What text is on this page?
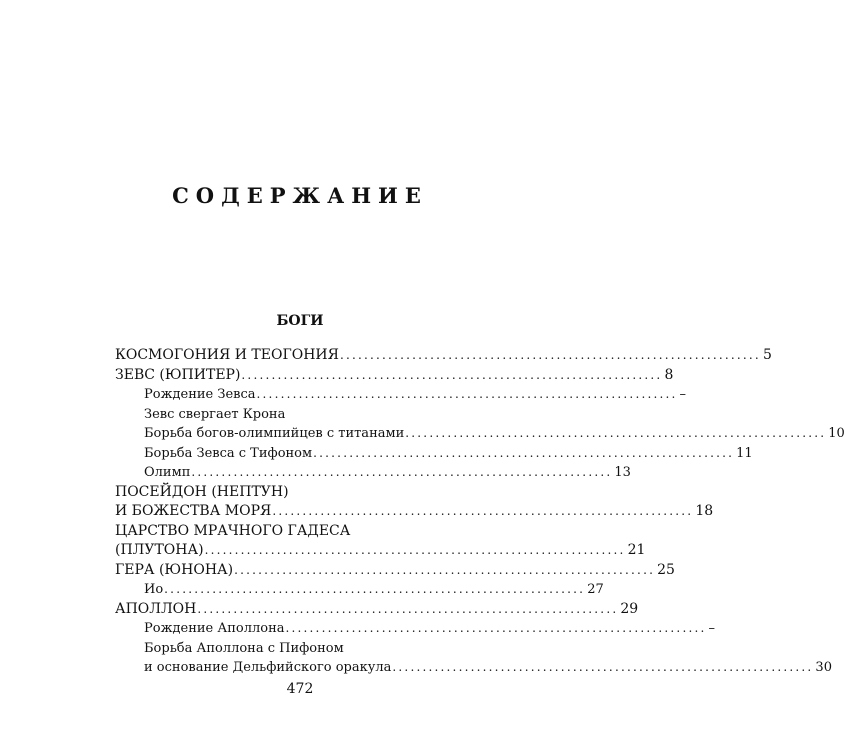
СОДЕРЖАНИЕ
БОГИ
КОСМОГОНИЯ И ТЕОГОНИЯ ...................................................................... 5
ЗЕВС (ЮПИТЕР) ...................................................................... 8
Рождение Зевса ...................................................................... –
Зевс свергает Крона
Борьба богов-олимпийцев с титанами ...................................................................... 10
Борьба Зевса с Тифоном ...................................................................... 11
Олимп ...................................................................... 13
ПОСЕЙДОН (НЕПТУН)
И БОЖЕСТВА МОРЯ ...................................................................... 18
ЦАРСТВО МРАЧНОГО ГАДЕСА
(ПЛУТОНА) ...................................................................... 21
ГЕРА (ЮНОНА) ...................................................................... 25
Ио ...................................................................... 27
АПОЛЛОН ...................................................................... 29
Рождение Аполлона ...................................................................... –
Борьба Аполлона с Пифоном
и основание Дельфийского оракула ...................................................................... 30
472
